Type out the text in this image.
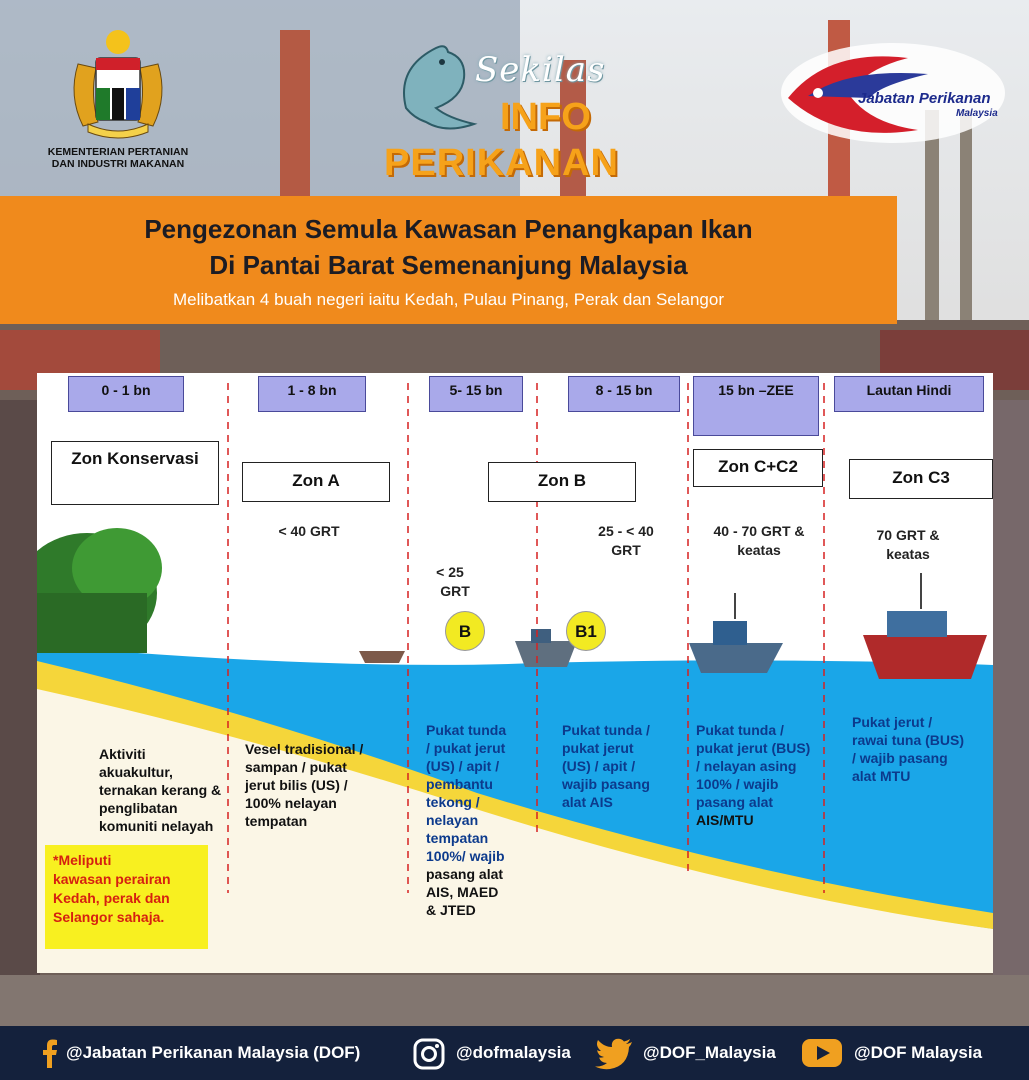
KEMENTERIAN PERTANIAN
DAN INDUSTRI MAKANAN
Sekilas
INFO
PERIKANAN
Jabatan Perikanan
Malaysia
Pengezonan Semula Kawasan Penangkapan Ikan
Di Pantai Barat Semenanjung Malaysia
Melibatkan 4 buah negeri iaitu Kedah, Pulau Pinang, Perak dan Selangor
0 - 1 bn	1 - 8 bn	5- 15 bn	8 - 15 bn	15 bn –ZEE	Lautan Hindi
Zon Konservasi
Zon A	Zon B
Zon C+C2
Zon C3
< 40 GRT
< 25
GRT
25 - < 40
GRT
40 - 70 GRT &
keatas
70 GRT &
keatas
B	B1
Aktiviti
akuakultur,
ternakan kerang &
penglibatan
komuniti nelayah
Vesel tradisional /
sampan / pukat
jerut bilis (US) /
100% nelayan
tempatan
Pukat tunda
/ pukat jerut
(US) / apit /
pembantu
tekong /
nelayan
tempatan
100%/ wajib
pasang alat
AIS, MAED
& JTED
Pukat tunda /
pukat jerut
(US) / apit /
wajib pasang
alat AIS
Pukat tunda /
pukat jerut (BUS)
/ nelayan asing
100% / wajib
pasang alat
AIS/MTU
Pukat jerut /
rawai tuna (BUS)
/ wajib pasang
alat MTU
*Meliputi
kawasan perairan
Kedah, perak dan
Selangor sahaja.
@Jabatan Perikanan Malaysia (DOF)	@dofmalaysia	@DOF_Malaysia	@DOF Malaysia
